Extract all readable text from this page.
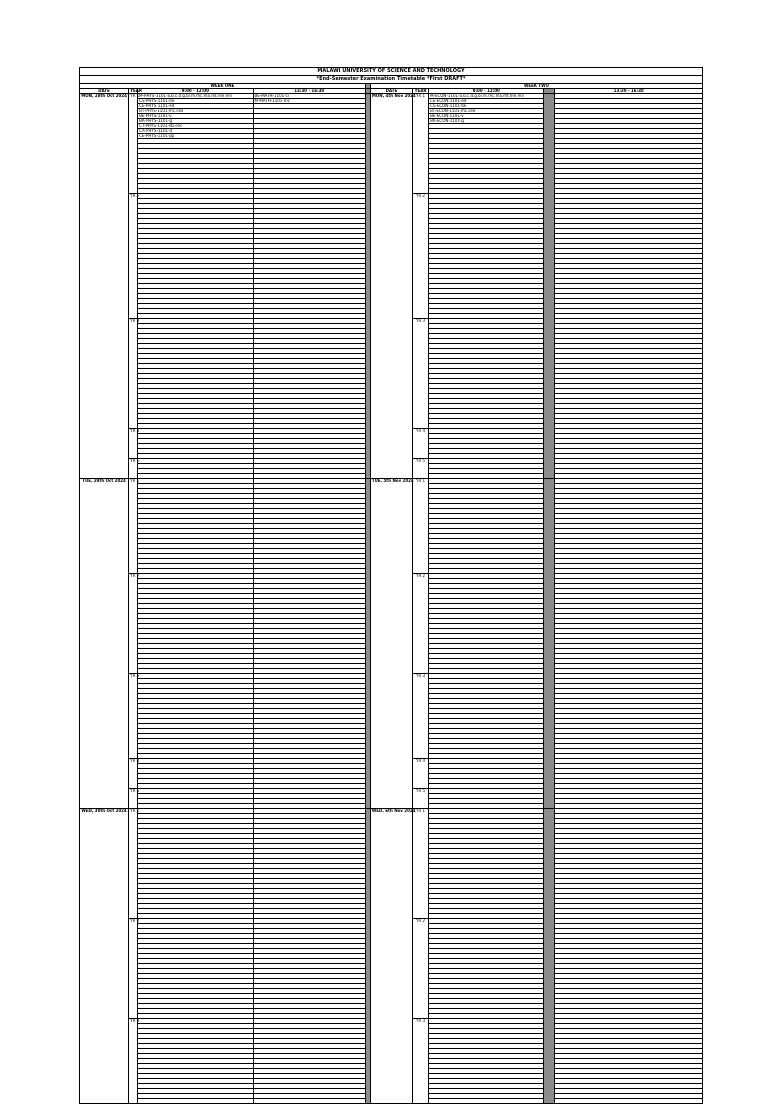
MALAWI UNIVERSITY OF SCIENCE AND TECHNOLOGY
*End-Semester Examination Timetable *First DRAFT*
WEEK ONE					WEEK TWO				
DATE	YEAR	9:00 - 12:00	13:30 - 16:30		DATE	YEAR	9:00 - 12:00		13:30 - 16:30
MON, 28th Oct 2024	YR 1	M-PHYS-1101-a.b.c.d.g.bi.m.mc.ma.mt.me.mn	BE-MATH-1101-ci		MON, 4th Nov 2024	YR 1	M-ECON-1101-a.b.c.d.g.bi.m.mc.ma.mt.me.mn		
		CS-PHYS-1101-tw	M-MATH-1101-mc				CE-ECON-1101-ed		
		CE-PHYS-1101-ed					CS-ECON-1101-tw		
		BT-PHYS-1101-mc.cee					BT-ECON-1101-mc.cee		
		BE-PHYS-1101-v					BE-ECON-1101-v		
		BA-PHYS-1101-g					BA-ECON-1101-g		
		CT-PHYS-1101-eb.cec							
		CA-PHYS-1101-d							
		CE-PHYS-1101-pp							

	YR 2					YR 2			

	YR 3					YR 3			

	YR 4					YR 4			

	YR 5					YR 5			

TUE, 29th Oct 2024	YR 1				TUE, 5th Nov 2024	YR 1			

	YR 2					YR 2			

	YR 3					YR 3			

	YR 4					YR 4			

	YR 5					YR 5			

WED, 30th Oct 2024	YR 1				WED, 6th Nov 2024	YR 1			

	YR 2					YR 2			

	YR 3					YR 3			
